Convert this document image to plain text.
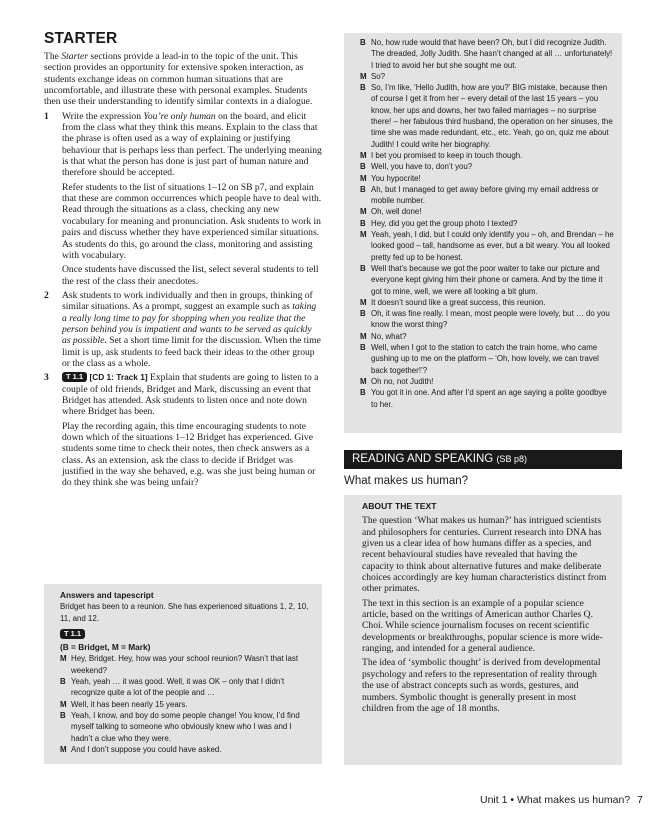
STARTER

The Starter sections provide a lead-in to the topic of the unit. This section provides an opportunity for extensive spoken interaction, as students exchange ideas on common human situations that are uncomfortable, and illustrate these with personal examples. Students then use their understanding to identify similar contexts in a dialogue.

1 Write the expression You’re only human on the board, and elicit from the class what they think this means. Explain to the class that the phrase is often used as a way of explaining or justifying behaviour that is perhaps less than perfect. The underlying meaning is that what the person has done is just part of human nature and therefore should be accepted.

Refer students to the list of situations 1–12 on SB p7, and explain that these are common occurrences which people have to deal with. Read through the situations as a class, checking any new vocabulary for meaning and pronunciation. Ask students to work in pairs and discuss whether they have experienced similar situations. As students do this, go around the class, monitoring and assisting with vocabulary.

Once students have discussed the list, select several students to tell the rest of the class their anecdotes.

2 Ask students to work individually and then in groups, thinking of similar situations. As a prompt, suggest an example such as taking a really long time to pay for shopping when you realize that the person behind you is impatient and wants to be served as quickly as possible. Set a short time limit for the discussion. When the time limit is up, ask students to feed back their ideas to the other group or the class as a whole.

3	T 1.1 [CD 1: Track 1] Explain that students are going to listen to a couple of old friends, Bridget and Mark, discussing an event that Bridget has attended. Ask students to listen once and note down where Bridget has been.

Play the recording again, this time encouraging students to note down which of the situations 1–12 Bridget has experienced. Give students some time to check their notes, then check answers as a class. As an extension, ask the class to decide if Bridget was justified in the way she behaved, e.g. was she just being human or do they think she was being unfair?

Answers and tapescript

Bridget has been to a reunion. She has experienced situations 1, 2, 10, 11, and 12.

T 1.1

(B = Bridget, M = Mark)

M Hey, Bridget. Hey, how was your school reunion? Wasn’t that last weekend?
B Yeah, yeah … it was good. Well, it was OK – only that I didn’t recognize quite a lot of the people and …
M Well, it has been nearly 15 years.
B Yeah, I know, and boy do some people change! You know, I’d find myself talking to someone who obviously knew who I was and I hadn’t a clue who they were.
M And I don’t suppose you could have asked.
B No, how rude would that have been? Oh, but I did recognize Judith. The dreaded, Jolly Judith. She hasn’t changed at all … unfortunately! I tried to avoid her but she sought me out.
M So?
B So, I’m like, ‘Hello Judith, how are you?’ BIG mistake, because then of course I get it from her – every detail of the last 15 years – you know, her ups and downs, her two failed marriages – no surprise there! – her fabulous third husband, the operation on her sinuses, the time she was made redundant, etc., etc. Yeah, go on, quiz me about Judith! I could write her biography.
M I bet you promised to keep in touch though.
B Well, you have to, don’t you?
M You hypocrite!
B Ah, but I managed to get away before giving my email address or mobile number.
M Oh, well done!
B Hey, did you get the group photo I texted?
M Yeah, yeah, I did, but I could only identify you – oh, and Brendan – he looked good – tall, handsome as ever, but a bit weary. You all looked pretty fed up to be honest.
B Well that’s because we got the poor waiter to take our picture and everyone kept giving him their phone or camera. And by the time it got to mine, well, we were all looking a bit glum.
M It doesn’t sound like a great success, this reunion.
B Oh, it was fine really. I mean, most people were lovely, but … do you know the worst thing?
M No, what?
B Well, when I got to the station to catch the train home, who came gushing up to me on the platform – ‘Oh, how lovely, we can travel back together!’?
M Oh no, not Judith!
B You got it in one. And after I’d spent an age saying a polite goodbye to her.
READING AND SPEAKING (SB p8)
What makes us human?

ABOUT THE TEXT

The question ‘What makes us human?’ has intrigued scientists and philosophers for centuries. Current research into DNA has given us a clear idea of how humans differ as a species, and recent behavioural studies have revealed that having the capacity to think about alternative futures and make deliberate choices accordingly are key human characteristics distinct from other primates.

The text in this section is an example of a popular science article, based on the writings of American author Charles Q. Choi. While science journalism focuses on recent scientific developments or breakthroughs, popular science is more wide-ranging, and intended for a general audience.

The idea of ‘symbolic thought’ is derived from developmental psychology and refers to the representation of reality through the use of abstract concepts such as words, gestures, and numbers. Symbolic thought is generally present in most children from the age of 18 months.

Unit 1 • What makes us human? 7
